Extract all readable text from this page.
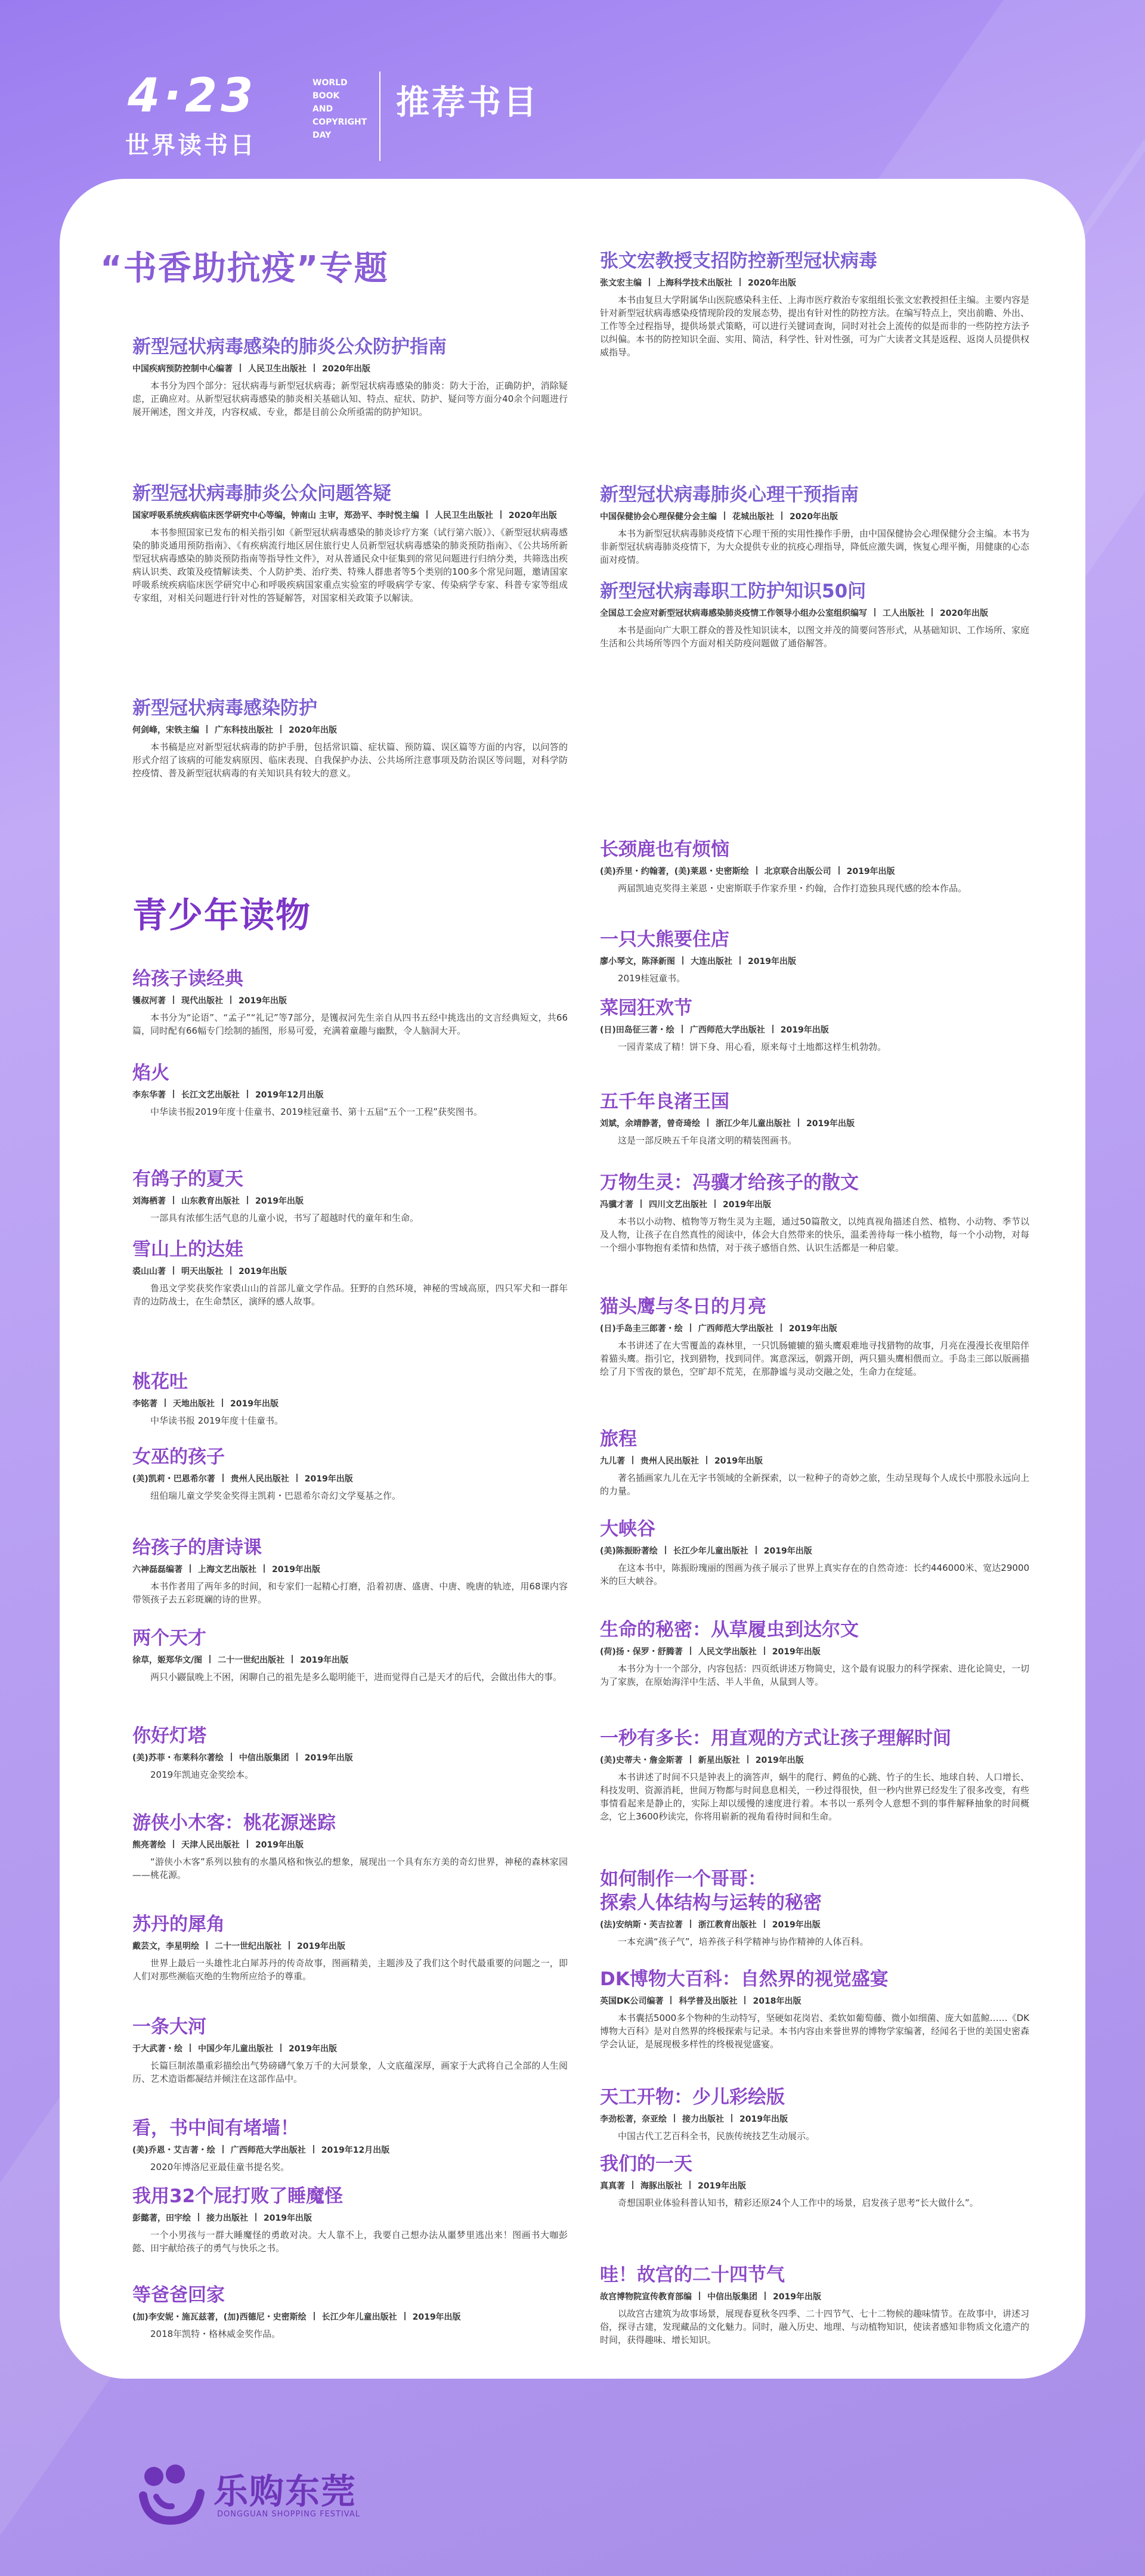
4·23
世界读书日
WORLD
BOOK
AND
COPYRIGHT
DAY
推荐书目
“书香助抗疫”专题
青少年读物
新型冠状病毒感染的肺炎公众防护指南
中国疾病预防控制中心编著 人民卫生出版社 2020年出版
本书分为四个部分：冠状病毒与新型冠状病毒；新型冠状病毒感染的肺炎：防大于治，正确防护，消除疑虑，正确应对。从新型冠状病毒感染的肺炎相关基础认知、特点、症状、防护、疑问等方面分40余个问题进行展开阐述，图文并茂，内容权威、专业，都是目前公众所亟需的防护知识。
新型冠状病毒肺炎公众问题答疑
国家呼吸系统疾病临床医学研究中心等编，钟南山 主审，郑劲平、李时悦主编 人民卫生出版社 2020年出版
本书参照国家已发布的相关指引如《新型冠状病毒感染的肺炎诊疗方案（试行第六版）》、《新型冠状病毒感染的肺炎通用预防指南》、《有疾病流行地区居住旅行史人员新型冠状病毒感染的肺炎预防指南》、《公共场所新型冠状病毒感染的肺炎预防指南等指导性文件》，对从普通民众中征集到的常见问题进行归纳分类，共筛选出疾病认识类、政策及疫情解读类、个人防护类、治疗类、特殊人群患者等5个类别的100多个常见问题，邀请国家呼吸系统疾病临床医学研究中心和呼吸疾病国家重点实验室的呼吸病学专家、传染病学专家、科普专家等组成专家组，对相关问题进行针对性的答疑解答，对国家相关政策予以解读。
新型冠状病毒感染防护
何剑峰，宋铁主编 广东科技出版社 2020年出版
本书稿是应对新型冠状病毒的防护手册，包括常识篇、症状篇、预防篇、误区篇等方面的内容，以问答的形式介绍了该病的可能发病原因、临床表现、自我保护办法、公共场所注意事项及防治误区等问题，对科学防控疫情、普及新型冠状病毒的有关知识具有较大的意义。
张文宏教授支招防控新型冠状病毒
张文宏主编 上海科学技术出版社 2020年出版
本书由复旦大学附属华山医院感染科主任、上海市医疗救治专家组组长张文宏教授担任主编。主要内容是针对新型冠状病毒感染疫情现阶段的发展态势，提出有针对性的防控方法。在编写特点上，突出前瞻、外出、工作等全过程指导，提供场景式策略，可以进行关键词查询，同时对社会上流传的似是而非的一些防控方法予以纠偏。本书的防控知识全面、实用、简洁，科学性、针对性强，可为广大读者文其是返程、返岗人员提供权威指导。
新型冠状病毒肺炎心理干预指南
中国保健协会心理保健分会主编 花城出版社 2020年出版
本书为新型冠状病毒肺炎疫情下心理干预的实用性操作手册，由中国保健协会心理保健分会主编。本书为非新型冠状病毒肺炎疫情下，为大众提供专业的抗疫心理指导，降低应激失调，恢复心理平衡，用健康的心态面对疫情。
新型冠状病毒职工防护知识50问
全国总工会应对新型冠状病毒感染肺炎疫情工作领导小组办公室组织编写 工人出版社 2020年出版
本书是面向广大职工群众的普及性知识读本，以图文并茂的简要问答形式，从基础知识、工作场所、家庭生活和公共场所等四个方面对相关防疫问题做了通俗解答。
给孩子读经典
镬叔河著 现代出版社 2019年出版
本书分为“论语”、“孟子”“礼记”等7部分，是镬叔河先生亲自从四书五经中挑选出的文言经典短文，共66篇，同时配有66幅专门绘制的插图，形易可爱，充满着童趣与幽默，令人脑洞大开。
焰火
李东华著 长江文艺出版社 2019年12月出版
中华读书报2019年度十佳童书、2019桂冠童书、第十五届“五个一工程”获奖图书。
有鸽子的夏天
刘海栖著 山东教育出版社 2019年出版
一部具有浓郁生活气息的儿童小说，书写了超越时代的童年和生命。
雪山上的达娃
裘山山著 明天出版社 2019年出版
鲁迅文学奖获奖作家裘山山的首部儿童文学作品。狂野的自然环境，神秘的雪域高原，四只军犬和一群年青的边防战士，在生命禁区，演绎的感人故事。
桃花吐
李铭著 天地出版社 2019年出版
中华读书报 2019年度十佳童书。
女巫的孩子
(美)凯莉・巴恩希尔著 贵州人民出版社 2019年出版
纽伯瑞儿童文学奖金奖得主凯莉・巴恩希尔奇幻文学戛基之作。
给孩子的唐诗课
六神磊磊编著 上海文艺出版社 2019年出版
本书作者用了两年多的时间，和专家们一起精心打磨，沿着初唐、盛唐、中唐、晚唐的轨迹，用68课内容带领孩子去五彩斑斓的诗的世界。
两个天才
徐草，姬郑华文/图 二十一世纪出版社 2019年出版
两只小鼹鼠晚上不困，闲聊自己的祖先是多么聪明能干，进而觉得自己是天才的后代，会做出伟大的事。
你好灯塔
(美)苏菲・布莱科尔著绘 中信出版集团 2019年出版
2019年凯迪克金奖绘本。
游侠小木客：桃花源迷踪
熊亮著绘 天津人民出版社 2019年出版
“游侠小木客”系列以独有的水墨风格和恢弘的想象，展现出一个具有东方美的奇幻世界，神秘的森林家园——桃花源。
苏丹的犀角
戴芸文，李星明绘 二十一世纪出版社 2019年出版
世界上最后一头雄性北白犀苏丹的传奇故事，图画精美，主题涉及了我们这个时代最重要的问题之一，即人们对那些濒临灭绝的生物所应给予的尊重。
一条大河
于大武著・绘 中国少年儿童出版社 2019年出版
长篇巨制浓墨重彩描绘出气势磅礴气象万千的大河景象，人文底蕴深厚，画家于大武将自己全部的人生阅历、艺术造诣都凝结并倾注在这部作品中。
看，书中间有堵墙！
(美)乔恩・艾吉著・绘 广西师范大学出版社 2019年12月出版
2020年博洛尼亚最佳童书提名奖。
我用32个屁打败了睡魔怪
彭懿著，田宇绘 接力出版社 2019年出版
一个小男孩与一群大睡魔怪的勇敢对决。大人靠不上，我要自己想办法从噩梦里逃出来！图画书大咖彭懿、田宇献给孩子的勇气与快乐之书。
等爸爸回家
(加)李安妮・施瓦兹著，(加)西德尼・史密斯绘 长江少年儿童出版社 2019年出版
2018年凯特・格林威金奖作品。
长颈鹿也有烦恼
(美)乔里・约翰著，(美)莱恩・史密斯绘 北京联合出版公司 2019年出版
两届凯迪克奖得主莱恩・史密斯联手作家乔里・约翰，合作打造独具现代感的绘本作品。
一只大熊要住店
廖小琴文，陈泽新图 大连出版社 2019年出版
2019桂冠童书。
菜园狂欢节
(日)田岛征三著・绘 广西师范大学出版社 2019年出版
一园青菜成了精！饼下身、用心看，原来每寸土地都这样生机勃勃。
五千年良渚王国
刘斌，余靖静著，曾奇琦绘 浙江少年儿童出版社 2019年出版
这是一部反映五千年良渚文明的精装图画书。
万物生灵：冯骥才给孩子的散文
冯骥才著 四川文艺出版社 2019年出版
本书以小动物、植物等万物生灵为主题，通过50篇散文，以纯真视角描述自然、植物、小动物、季节以及人物，让孩子在自然真性的阅读中，体会大自然带来的快乐，温柔善待每一株小植物，每一个小动物，对每一个细小事物抱有柔情和热情，对于孩子感悟自然、认识生活都是一种启蒙。
猫头鹰与冬日的月亮
(日)手岛圭三郎著・绘 广西师范大学出版社 2019年出版
本书讲述了在大雪覆盖的森林里，一只饥肠辘辘的猫头鹰艰难地寻找猎物的故事，月亮在漫漫长夜里陪伴着猫头鹰。指引它，找到猎物，找到同伴。寓意深远，朝露开朗，两只猫头鹰相偎而立。手岛圭三郎以版画描绘了月下雪夜的景色，空旷却不荒芜，在那静谧与灵动交融之处，生命力在绽延。
旅程
九儿著 贵州人民出版社 2019年出版
著名插画家九儿在无字书领域的全新探索，以一粒种子的奇妙之旅，生动呈现每个人成长中那股永远向上的力量。
大峡谷
(美)陈振盼著绘 长江少年儿童出版社 2019年出版
在这本书中，陈振盼瑰丽的图画为孩子展示了世界上真实存在的自然奇迹：长约446000米、宽达29000米的巨大峡谷。
生命的秘密：从草履虫到达尔文
(荷)扬・保罗・舒腾著 人民文学出版社 2019年出版
本书分为十一个部分，内容包括：四页纸讲述万物简史，这个最有说服力的科学探索、进化论简史，一切为了家族，在原始海洋中生活、半人半鱼，从鼠到人等。
一秒有多长：用直观的方式让孩子理解时间
(美)史蒂夫・詹金斯著 新星出版社 2019年出版
本书讲述了时间不只是钟表上的滴答声，蜗牛的爬行、鳄鱼的心跳、竹子的生长、地球自转、人口增长、科技发明、资源消耗，世间万物都与时间息息相关，一秒过得很快，但一秒内世界已经发生了很多改变，有些事情看起来是静止的，实际上却以缓慢的速度进行着。本书以一系列令人意想不到的事件解释抽象的时间概念，它上3600秒读完，你将用崭新的视角看待时间和生命。
如何制作一个哥哥：
探索人体结构与运转的秘密
(法)安纳斯・芙吉拉著 浙江教育出版社 2019年出版
一本充满“孩子气”，培养孩子科学精神与协作精神的人体百科。
DK博物大百科：自然界的视觉盛宴
英国DK公司编著 科学普及出版社 2018年出版
本书囊括5000多个物种的生动特写，坚硬如花岗岩、柔软如葡萄藤、微小如细菌、庞大如蓝鲸……《DK博物大百科》是对自然界的终极探索与记录。本书内容由来誉世界的博物学家编著，经闻名于世的美国史密森学会认证，是展现极多样性的终极视觉盛宴。
天工开物：少儿彩绘版
李劲松著，奈亚绘 接力出版社 2019年出版
中国古代工艺百科全书，民族传统技艺生动展示。
我们的一天
真真著 海豚出版社 2019年出版
奇想国职业体验科普认知书，精彩还原24个人工作中的场景，启发孩子思考“长大做什么”。
哇！故宫的二十四节气
故宫博物院宣传教育部编 中信出版集团 2019年出版
以故宫古建筑为故事场景，展现春夏秋冬四季、二十四节气、七十二物候的趣味情节。在故事中，讲述习俗，探寻古建，发现藏品的文化魅力。同时，融入历史、地理、与动植物知识，使读者感知非物质文化遗产的时间，获得趣味、增长知识。
乐购东莞
DONGGUAN SHOPPING FESTIVAL
